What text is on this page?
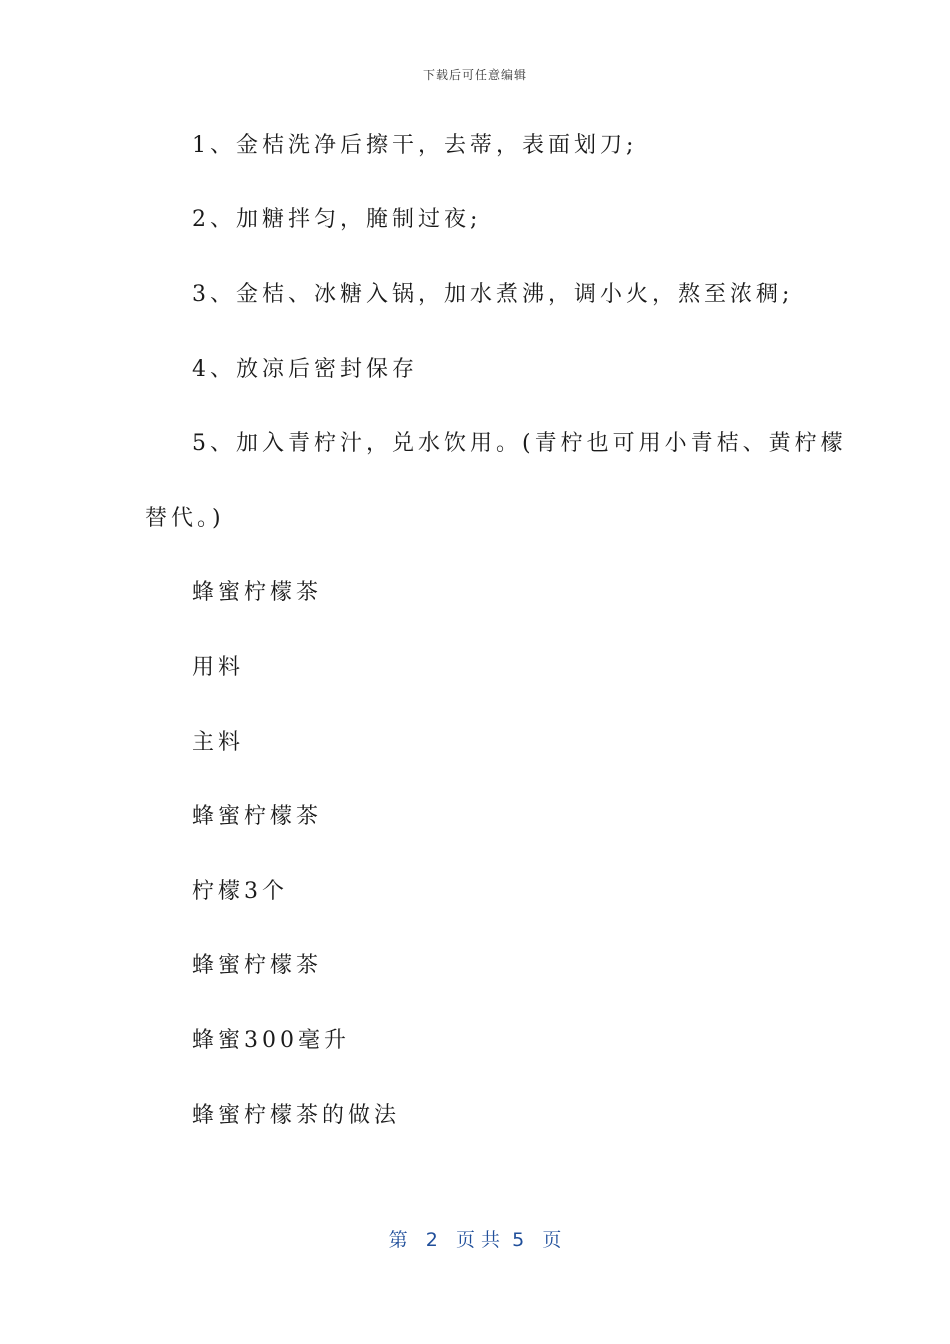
下载后可任意编辑
1、金桔洗净后擦干，去蒂，表面划刀;
2、加糖拌匀，腌制过夜;
3、金桔、冰糖入锅，加水煮沸，调小火，熬至浓稠;
4、放凉后密封保存
5、加入青柠汁，兑水饮用。(青柠也可用小青桔、黄柠檬
替代。)
蜂蜜柠檬茶
用料
主料
蜂蜜柠檬茶
柠檬3个
蜂蜜柠檬茶
蜂蜜300毫升
蜂蜜柠檬茶的做法
第 2 页 共 5 页
